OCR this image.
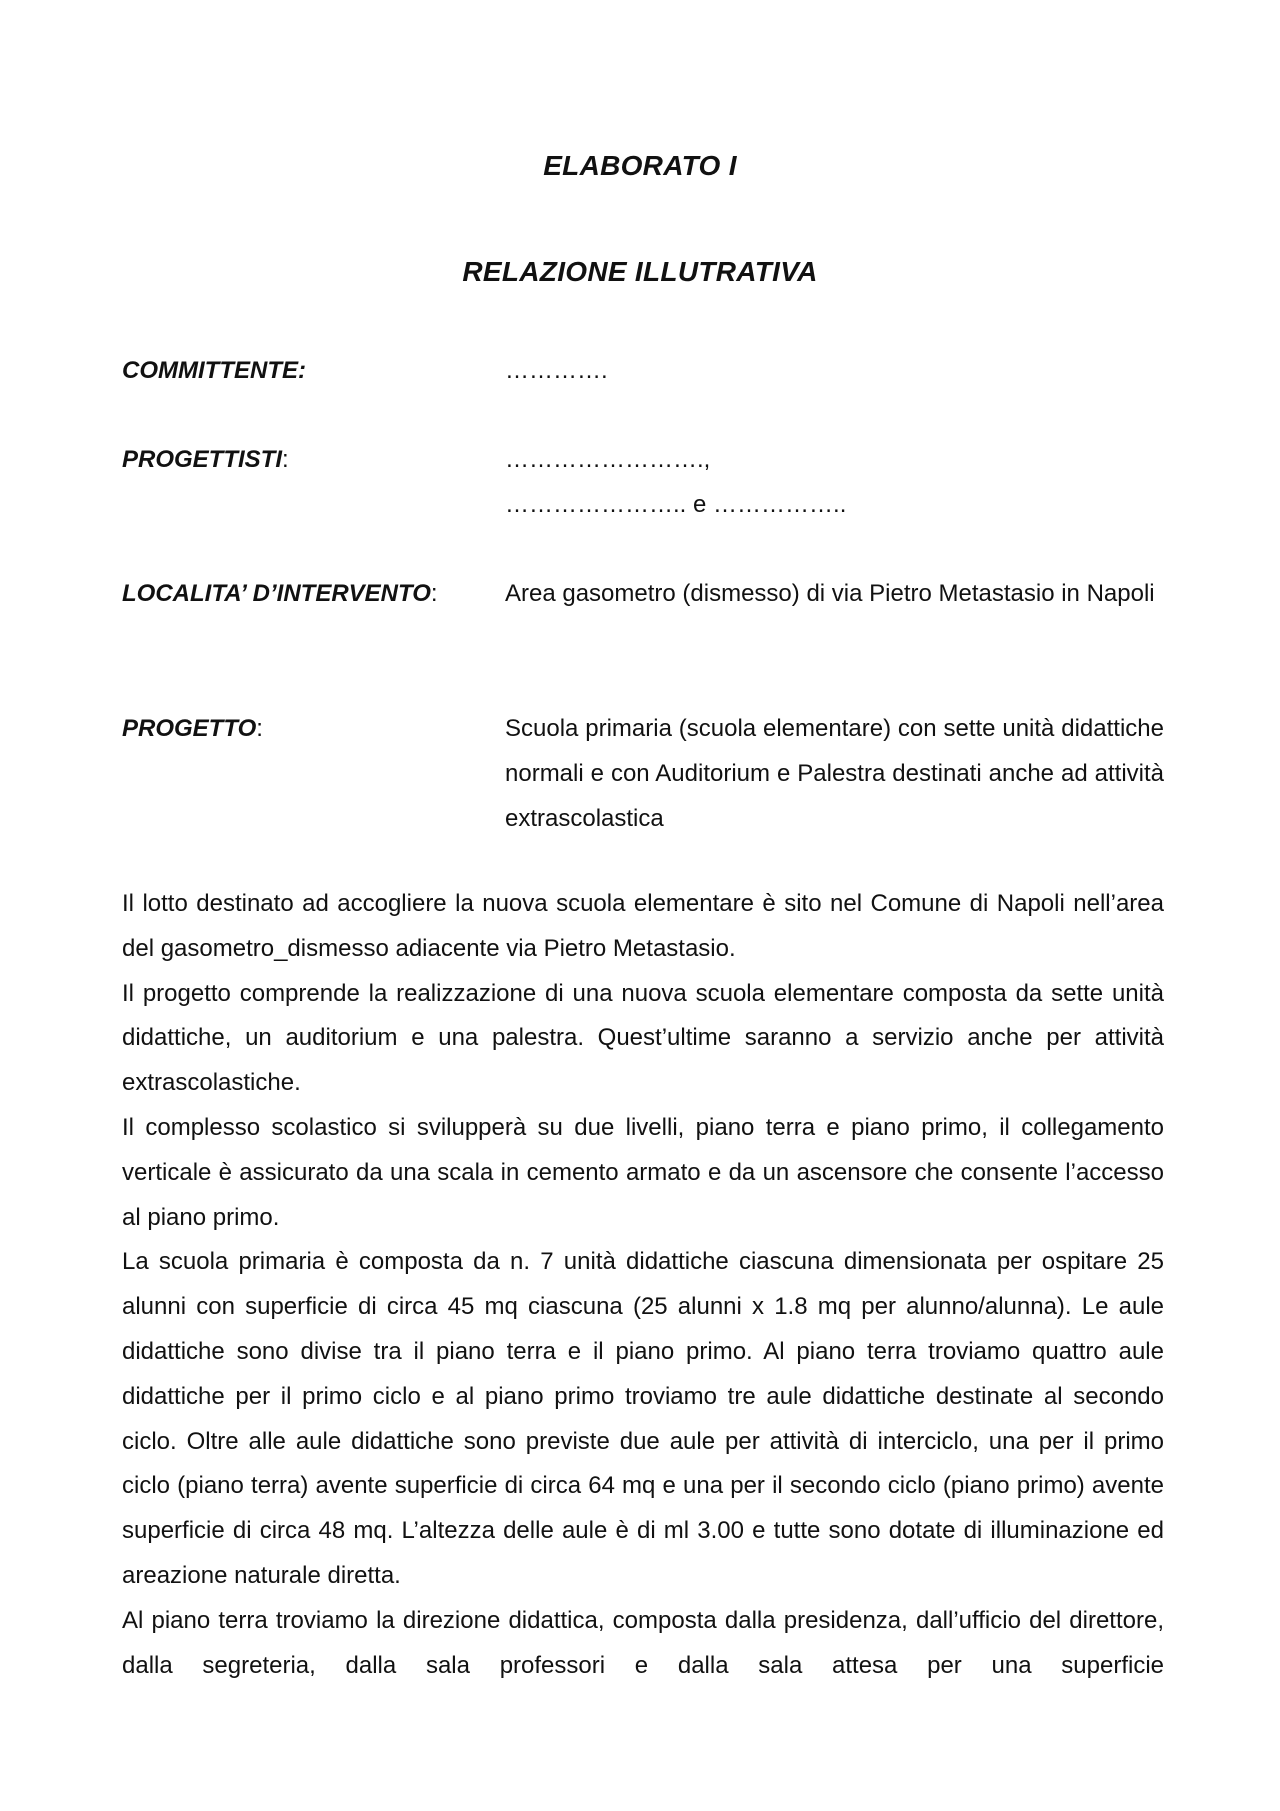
ELABORATO I
RELAZIONE ILLUTRATIVA
COMMITTENTE:	………….
PROGETTISTI:	…………………….,
………………….. e ……………..
LOCALITA’ D’INTERVENTO:	Area gasometro (dismesso) di via Pietro Metastasio in Napoli
PROGETTO:	Scuola primaria (scuola elementare) con sette unità didattiche normali e con Auditorium e Palestra destinati anche ad attività extrascolastica

Il lotto destinato ad accogliere la nuova scuola elementare è sito nel Comune di Napoli nell’area del gasometro_dismesso adiacente via Pietro Metastasio.

Il progetto comprende la realizzazione di una nuova scuola elementare composta da sette unità didattiche, un auditorium e una palestra. Quest’ultime saranno a servizio anche per attività extrascolastiche.

Il complesso scolastico si svilupperà su due livelli, piano terra e piano primo, il collegamento verticale è assicurato da una scala in cemento armato e da un ascensore che consente l’accesso al piano primo.

La scuola primaria è composta da n. 7 unità didattiche ciascuna dimensionata per ospitare 25 alunni con superficie di circa 45 mq ciascuna (25 alunni x 1.8 mq per alunno/alunna). Le aule didattiche sono divise tra il piano terra e il piano primo. Al piano terra troviamo quattro aule didattiche per il primo ciclo e al piano primo troviamo tre aule didattiche destinate al secondo ciclo. Oltre alle aule didattiche sono previste due aule per attività di interciclo, una per il primo ciclo (piano terra) avente superficie di circa 64 mq e una per il secondo ciclo (piano primo) avente superficie di circa 48 mq. L’altezza delle aule è di ml 3.00 e tutte sono dotate di illuminazione ed areazione naturale diretta.

Al piano terra troviamo la direzione didattica, composta dalla presidenza, dall’ufficio del direttore, dalla segreteria, dalla sala professori e dalla sala attesa per una superficie
